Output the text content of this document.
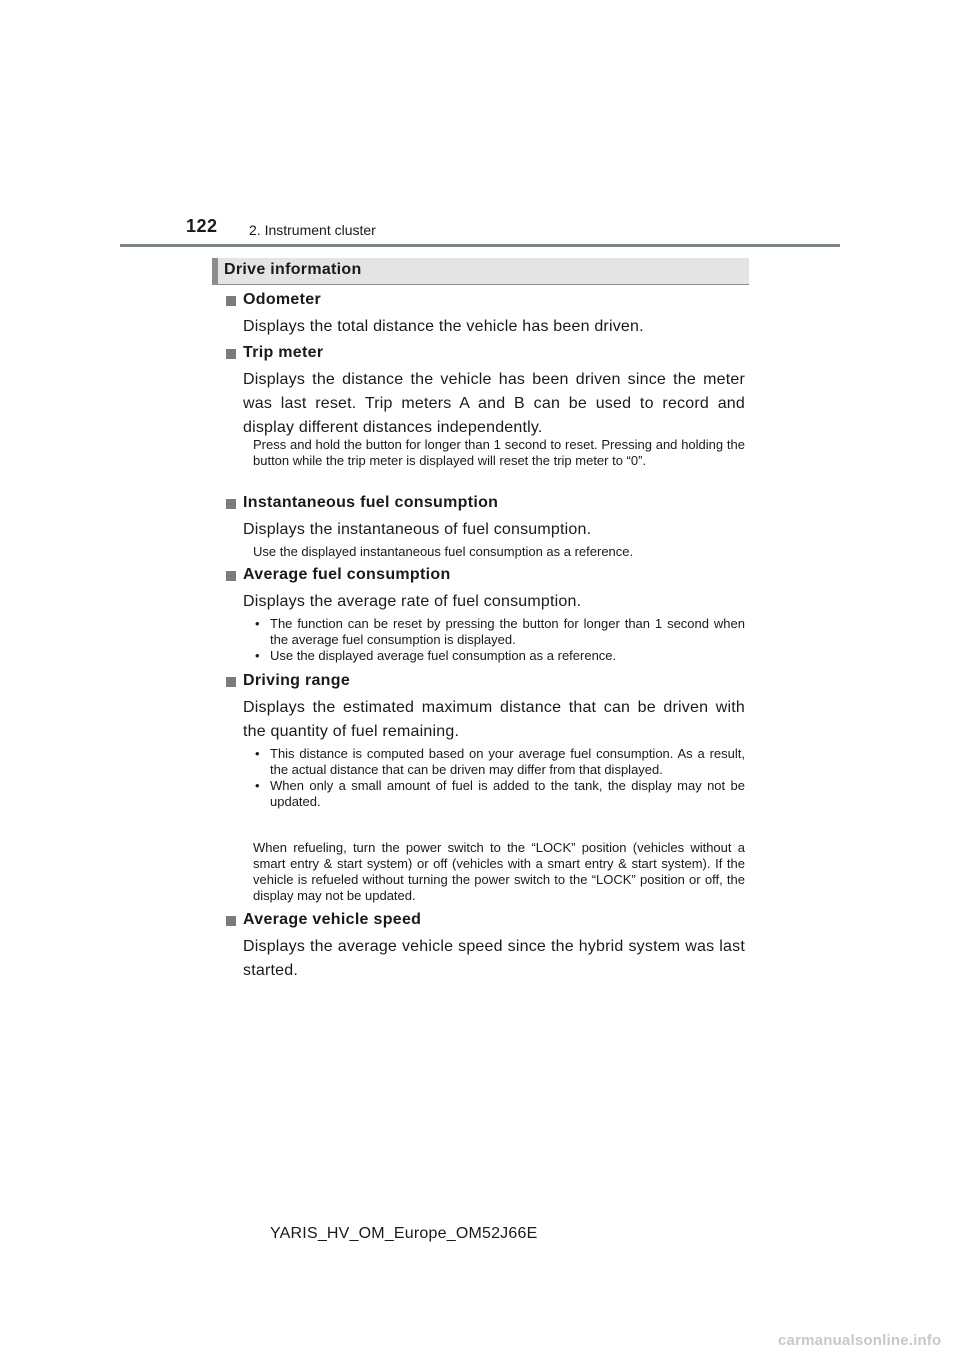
122 2. Instrument cluster
Drive information
Odometer
Displays the total distance the vehicle has been driven.
Trip meter
Displays the distance the vehicle has been driven since the meter was last reset. Trip meters A and B can be used to record and display different distances independently.
Press and hold the button for longer than 1 second to reset. Pressing and holding the button while the trip meter is displayed will reset the trip meter to “0”.
Instantaneous fuel consumption
Displays the instantaneous of fuel consumption.
Use the displayed instantaneous fuel consumption as a reference.
Average fuel consumption
Displays the average rate of fuel consumption.
• The function can be reset by pressing the button for longer than 1 second when the average fuel consumption is displayed.
• Use the displayed average fuel consumption as a reference.
Driving range
Displays the estimated maximum distance that can be driven with the quantity of fuel remaining.
• This distance is computed based on your average fuel consumption. As a result, the actual distance that can be driven may differ from that displayed.
• When only a small amount of fuel is added to the tank, the display may not be updated.
When refueling, turn the power switch to the “LOCK” position (vehicles without a smart entry & start system) or off (vehicles with a smart entry & start system). If the vehicle is refueled without turning the power switch to the “LOCK” position or off, the display may not be updated.
Average vehicle speed
Displays the average vehicle speed since the hybrid system was last started.
YARIS_HV_OM_Europe_OM52J66E
carmanualsonline.info
